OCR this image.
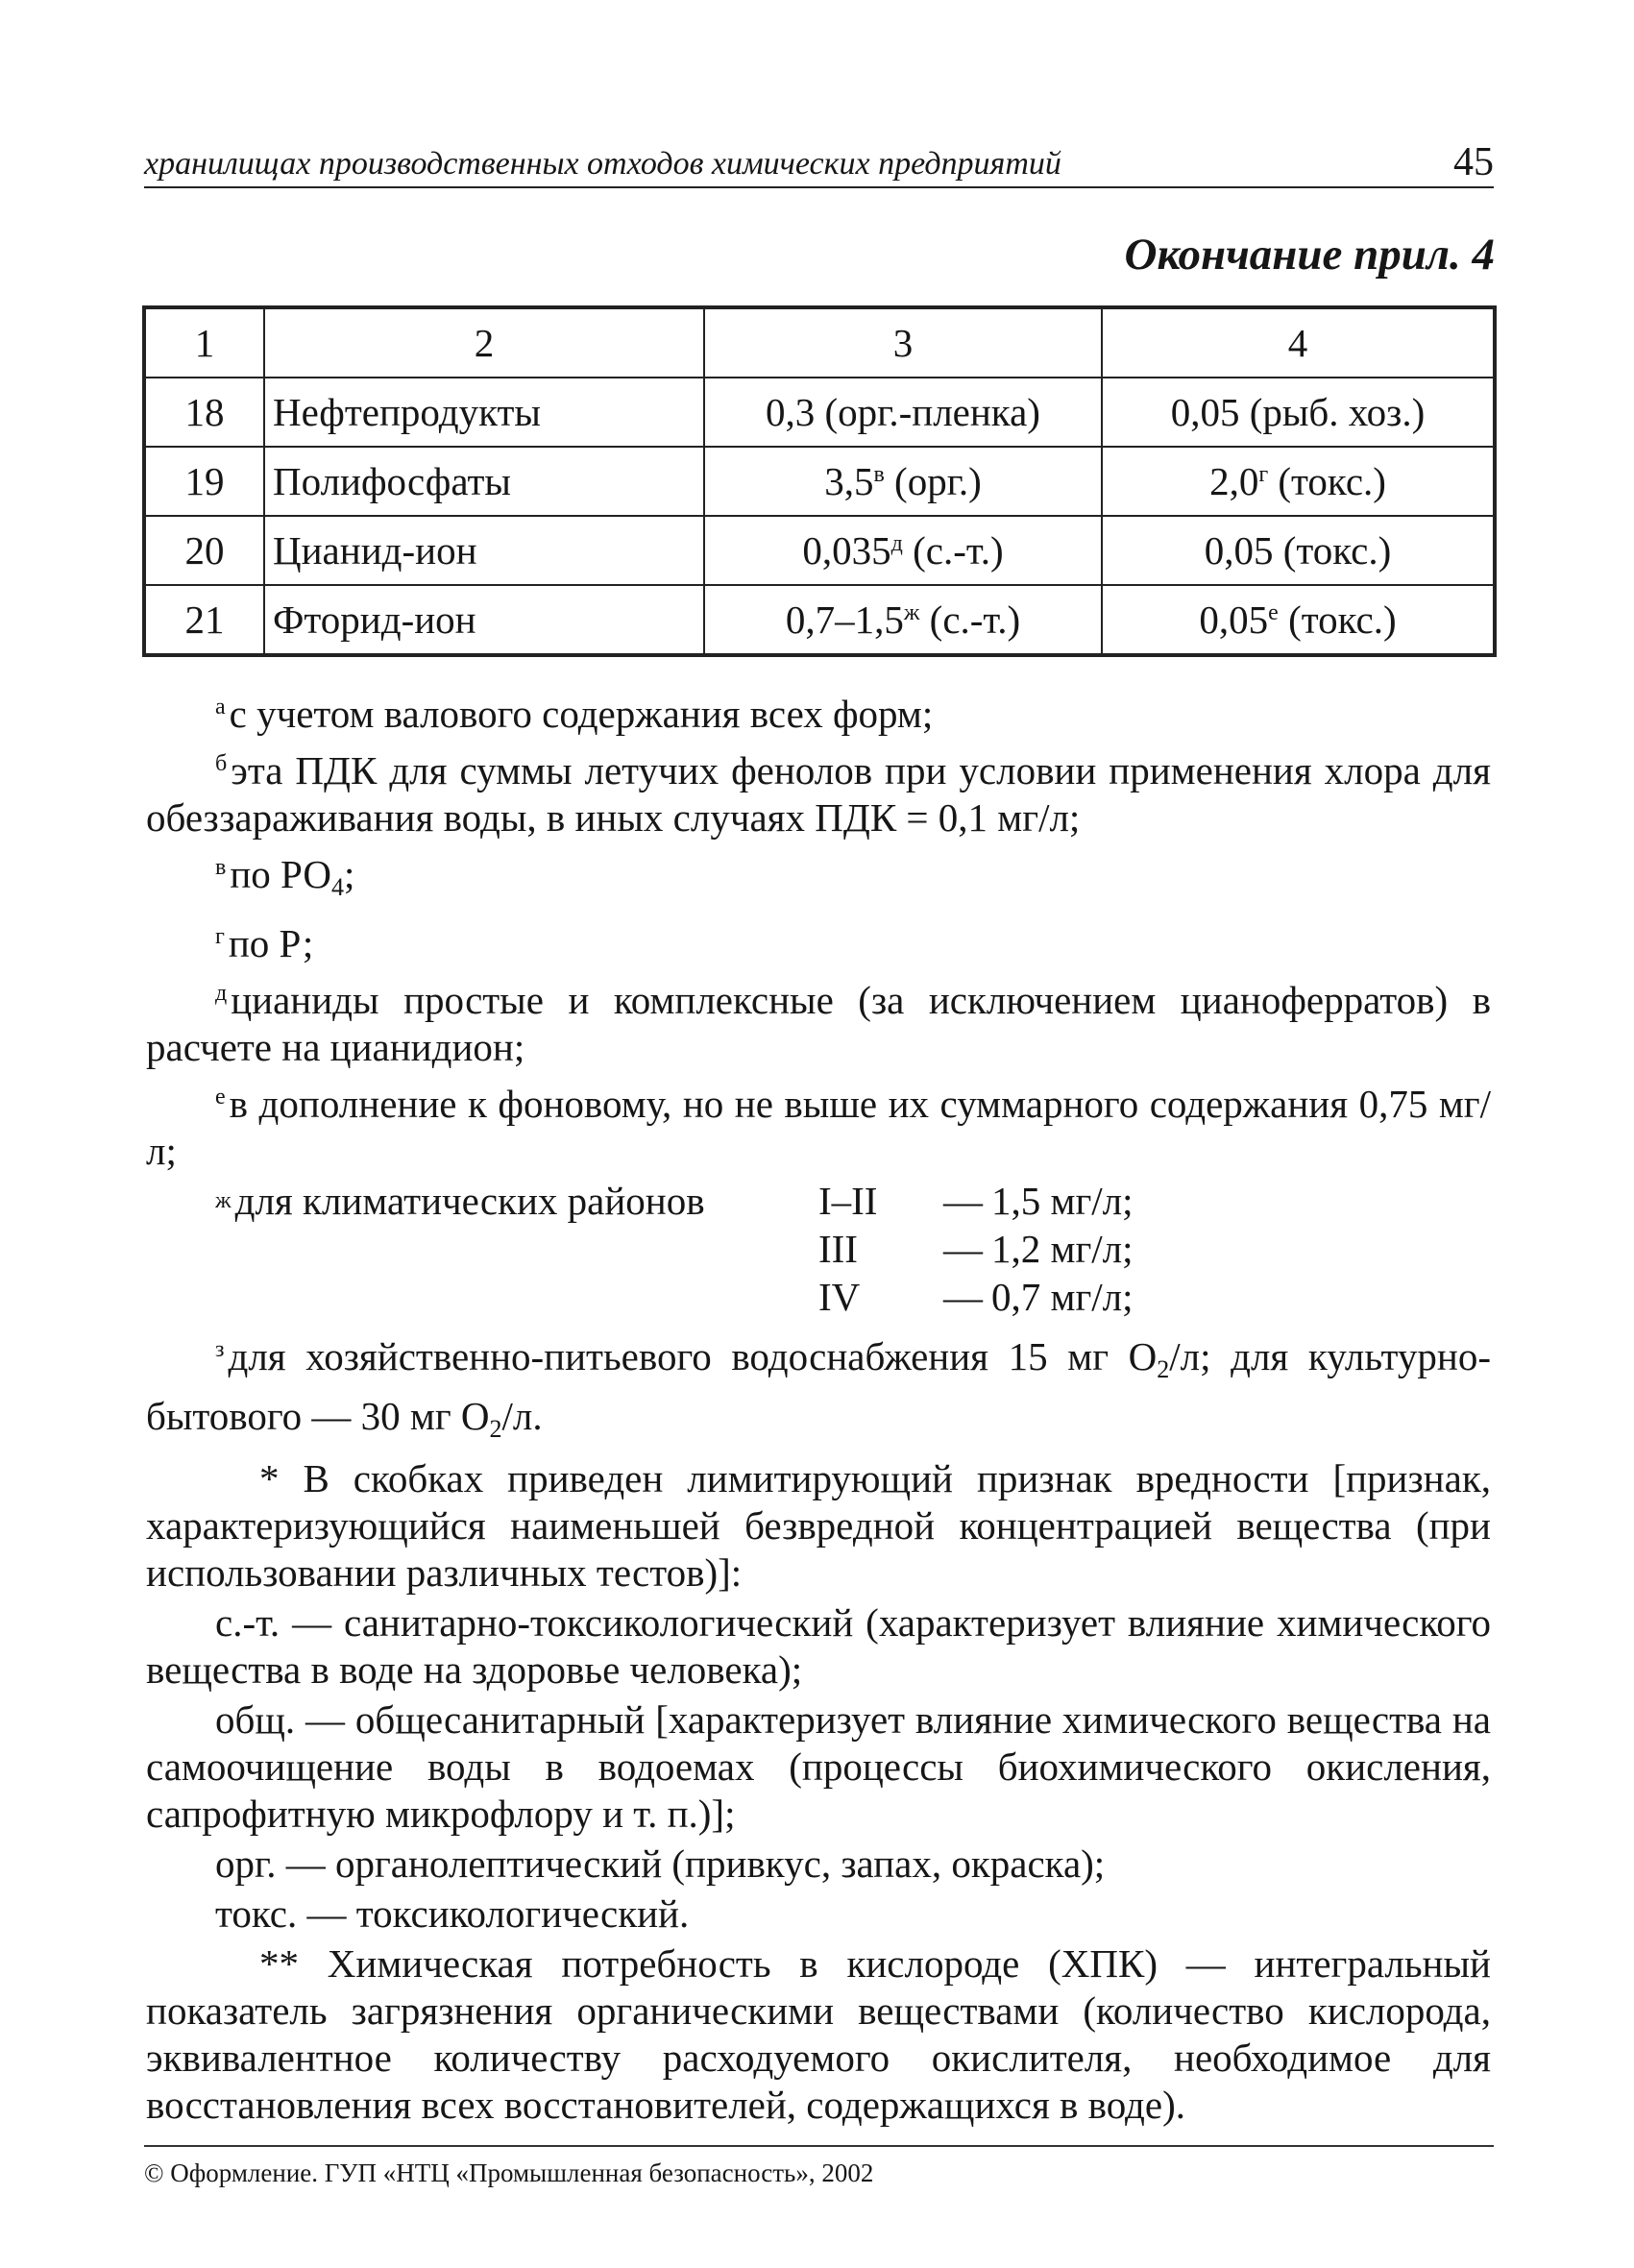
хранилищах производственных отходов химических предприятий	45
Окончание прил. 4
1	2	3	4
18	Нефтепродукты	0,3 (орг.-пленка)	0,05 (рыб. хоз.)
19	Полифосфаты	$3,5^в$ (орг.)	$2,0^г$ (токс.)
20	Цианид-ион	$0,035^д$ (с.-т.)	0,05 (токс.)
21	Фторид-ион	$0,7-1,5^ж$ (с.-т.)	$0,05^е$ (токс.)

$^а$с учетом валового содержания всех форм;

$^б$эта ПДК для суммы летучих фенолов при условии применения хлора для обеззараживания воды, в иных случаях ПДК = 0,1 мг/л;

$^в$по $РО_4$;

$^г$по Р;

$^д$цианиды простые и комплексные (за исключением цианоферратов) в расчете на цианидион;

$^е$в дополнение к фоновому, но не выше их суммарного содержания 0,75 мг/л;

$^ж$ для климатических районов	I–II — 1,5 мг/л;
III — 1,2 мг/л;
IV — 0,7 мг/л;

$^з$для хозяйственно-питьевого водоснабжения 15 мг $O_2/л$; для культурно-бытового — 30 мг $O_2/л$.

* В скобках приведен лимитирующий признак вредности [признак, характеризующийся наименьшей безвредной концентрацией вещества (при использовании различных тестов)]:

с.-т. — санитарно-токсикологический (характеризует влияние химического вещества в воде на здоровье человека);

общ. — общесанитарный [характеризует влияние химического вещества на самоочищение воды в водоемах (процессы биохимического окисления, сапрофитную микрофлору и т. п.)];

орг. — органолептический (привкус, запах, окраска);

токс. — токсикологический.

** Химическая потребность в кислороде (ХПК) — интегральный показатель загрязнения органическими веществами (количество кислорода, эквивалентное количеству расходуемого окислителя, необходимое для восстановления всех восстановителей, содержащихся в воде).

© Оформление. ГУП «НТЦ «Промышленная безопасность», 2002
